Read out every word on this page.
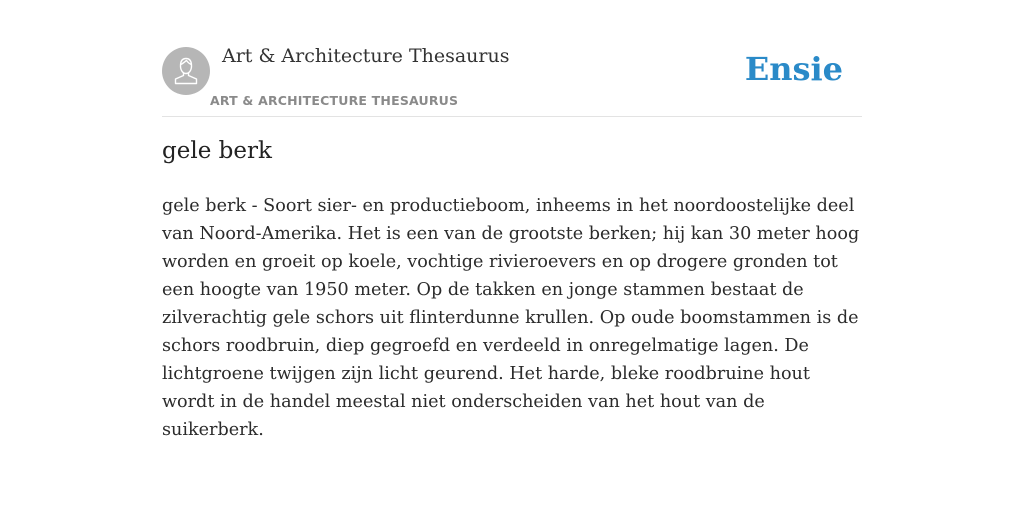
Art & Architecture Thesaurus
ART & ARCHITECTURE THESAURUS
Ensie
gele berk

gele berk - Soort sier- en productieboom, inheems in het noordoostelijke deel van Noord-Amerika. Het is een van de grootste berken; hij kan 30 meter hoog worden en groeit op koele, vochtige rivieroevers en op drogere gronden tot een hoogte van 1950 meter. Op de takken en jonge stammen bestaat de zilverachtig gele schors uit flinterdunne krullen. Op oude boomstammen is de schors roodbruin, diep gegroefd en verdeeld in onregelmatige lagen. De lichtgroene twijgen zijn licht geurend. Het harde, bleke roodbruine hout wordt in de handel meestal niet onderscheiden van het hout van de suikerberk.
